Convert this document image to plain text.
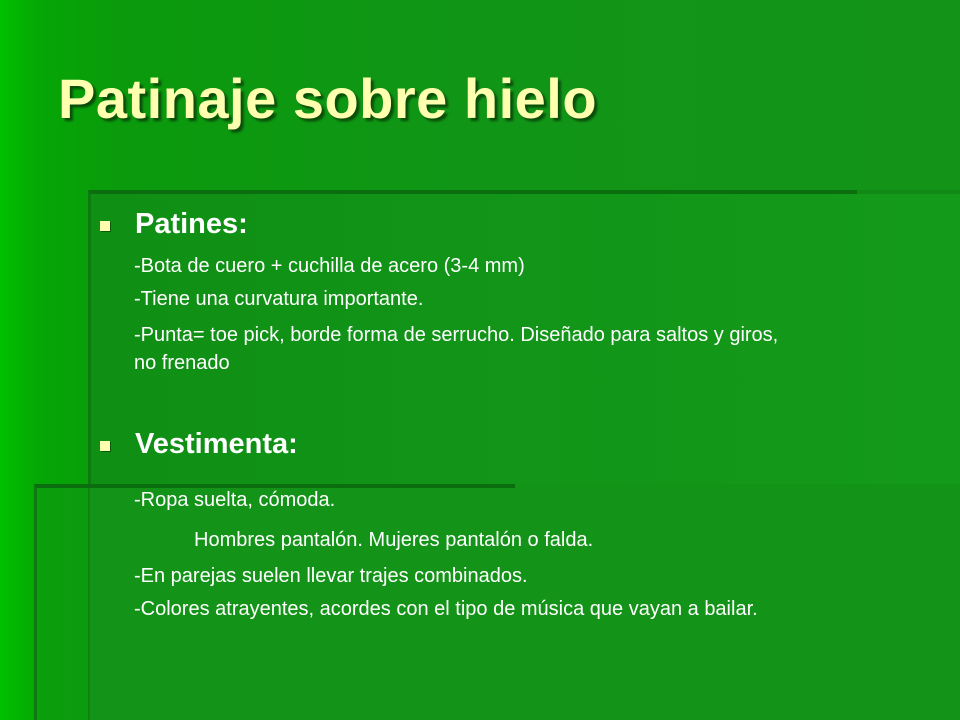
Patinaje sobre hielo
Patines:
-Bota de cuero + cuchilla de acero (3-4 mm)
-Tiene una curvatura importante.
-Punta= toe pick, borde forma de serrucho. Diseñado para saltos y giros,
no frenado
Vestimenta:
-Ropa suelta, cómoda.
Hombres pantalón. Mujeres pantalón o falda.
-En parejas suelen llevar trajes combinados.
-Colores atrayentes, acordes con el tipo de música que vayan a bailar.
